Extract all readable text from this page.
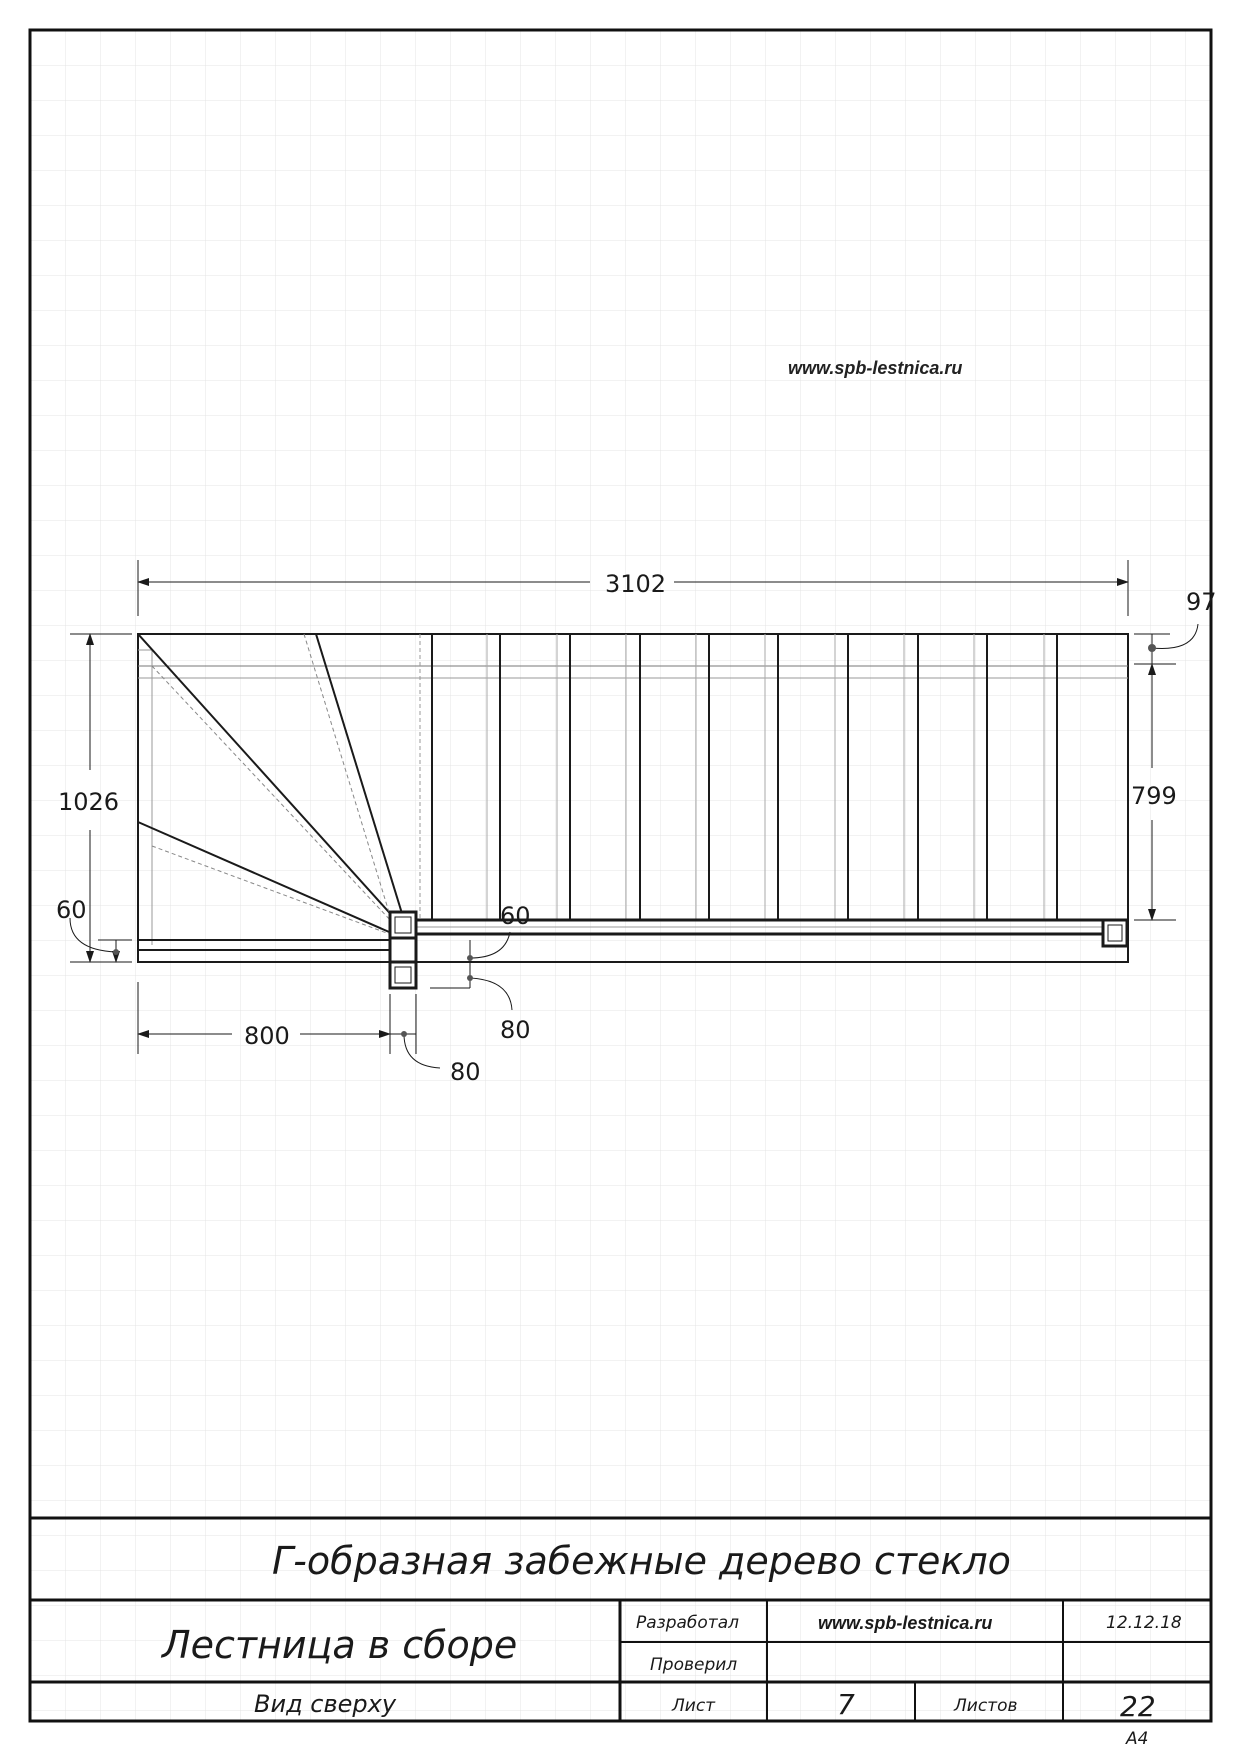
www.spb-lestnica.ru
3102
97
1026	799
60	60
80
800
80
Г-образная забежные дерево стекло
Лестница в сборе
Вид сверху
Разработал	www.spb-lestnica.ru	12.12.18
Проверил
Лист	7	Листов	22
A4
